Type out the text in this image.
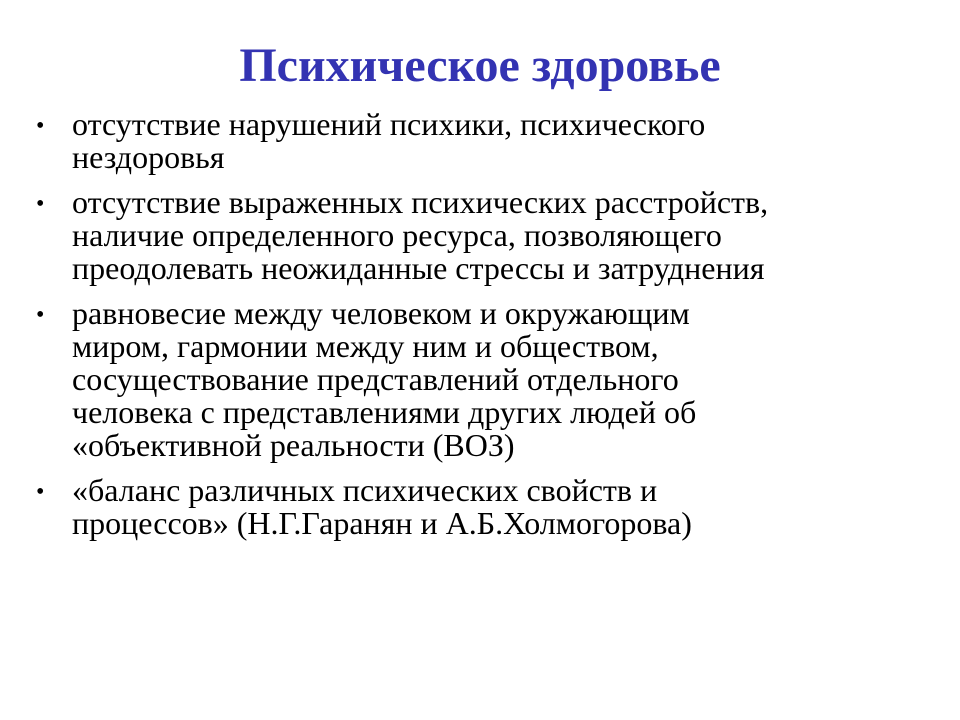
Психическое здоровье
• отсутствие нарушений психики, психического
нездоровья
• отсутствие выраженных психических расстройств,
наличие определенного ресурса, позволяющего
преодолевать неожиданные стрессы и затруднения
• равновесие между человеком и окружающим
миром, гармонии между ним и обществом,
сосуществование представлений отдельного
человека с представлениями других людей об
«объективной реальности (ВОЗ)
• «баланс различных психических свойств и
процессов» (Н.Г.Гаранян и А.Б.Холмогорова)
